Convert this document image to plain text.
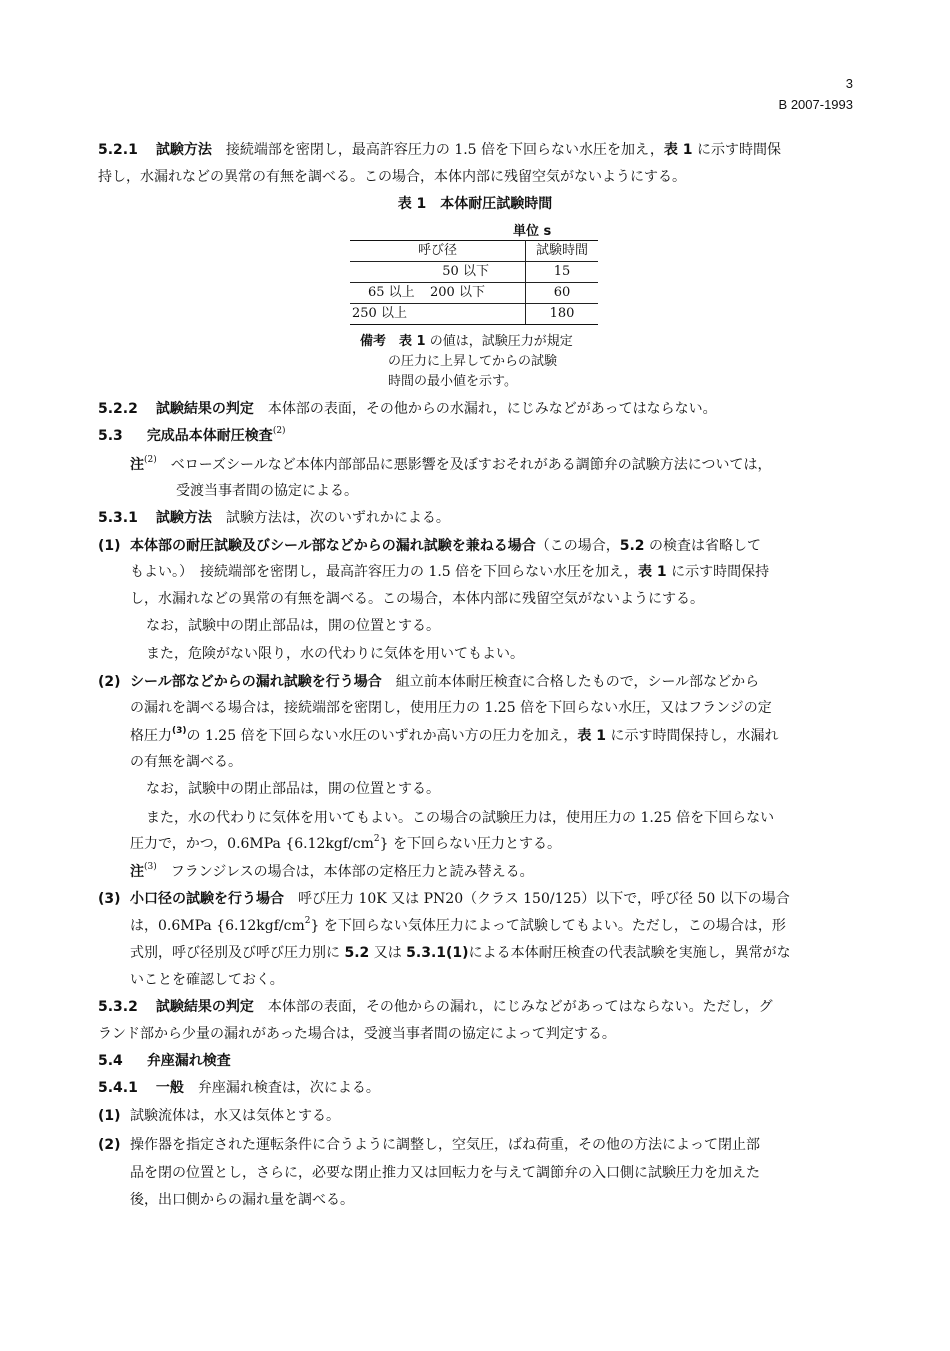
3
B 2007-1993
5.2.1 試験方法 接続端部を密閉し，最高許容圧力の 1.5 倍を下回らない水圧を加え，表 1 に示す時間保
持し，水漏れなどの異常の有無を調べる。この場合，本体内部に残留空気がないようにする。
表 1　本体耐圧試験時間
単位 s
呼び径	試験時間
50 以下	15
65 以上 200 以下	60
250 以上	180
備考　 表 1 の値は，試験圧力が規定
の圧力に上昇してからの試験
時間の最小値を示す。
5.2.2 試験結果の判定 本体部の表面，その他からの水漏れ，にじみなどがあってはならない。
5.3 完成品本体耐圧検査$^{(2)}$
注$^{(2)}$　 ベローズシールなど本体内部部品に悪影響を及ぼすおそれがある調節弁の試験方法については，
受渡当事者間の協定による。
5.3.1 試験方法 試験方法は，次のいずれかによる。
(1) 本体部の耐圧試験及びシール部などからの漏れ試験を兼ねる場合（この場合，5.2 の検査は省略して
もよい。）　接続端部を密閉し，最高許容圧力の 1.5 倍を下回らない水圧を加え，表 1 に示す時間保持
し，水漏れなどの異常の有無を調べる。この場合，本体内部に残留空気がないようにする。
なお，試験中の閉止部品は，開の位置とする。
また，危険がない限り，水の代わりに気体を用いてもよい。
(2) シール部などからの漏れ試験を行う場合 組立前本体耐圧検査に合格したもので，シール部などから
の漏れを調べる場合は，接続端部を密閉し，使用圧力の 1.25 倍を下回らない水圧，又はフランジの定
格圧力$^{(3)}$の 1.25 倍を下回らない水圧のいずれか高い方の圧力を加え，表 1 に示す時間保持し，水漏れ
の有無を調べる。
なお，試験中の閉止部品は，開の位置とする。
また，水の代わりに気体を用いてもよい。この場合の試験圧力は，使用圧力の 1.25 倍を下回らない
圧力で，かつ，0.6MPa $\{6.12kgf/cm^2\}$ を下回らない圧力とする。
注$^{(3)}$　 フランジレスの場合は，本体部の定格圧力と読み替える。
(3) 小口径の試験を行う場合 呼び圧力 10K 又は PN20（クラス 150/125）以下で，呼び径 50 以下の場合
は，0.6MPa $\{6.12kgf/cm^2\}$ を下回らない気体圧力によって試験してもよい。ただし，この場合は，形
式別，呼び径別及び呼び圧力別に 5.2 又は 5.3.1(1)による本体耐圧検査の代表試験を実施し，異常がな
いことを確認しておく。
5.3.2 試験結果の判定 本体部の表面，その他からの漏れ，にじみなどがあってはならない。ただし，グ
ランド部から少量の漏れがあった場合は，受渡当事者間の協定によって判定する。
5.4 弁座漏れ検査
5.4.1 一般 弁座漏れ検査は，次による。
(1) 試験流体は，水又は気体とする。
(2) 操作器を指定された運転条件に合うように調整し，空気圧，ばね荷重，その他の方法によって閉止部
品を閉の位置とし，さらに，必要な閉止推力又は回転力を与えて調節弁の入口側に試験圧力を加えた
後，出口側からの漏れ量を調べる。
